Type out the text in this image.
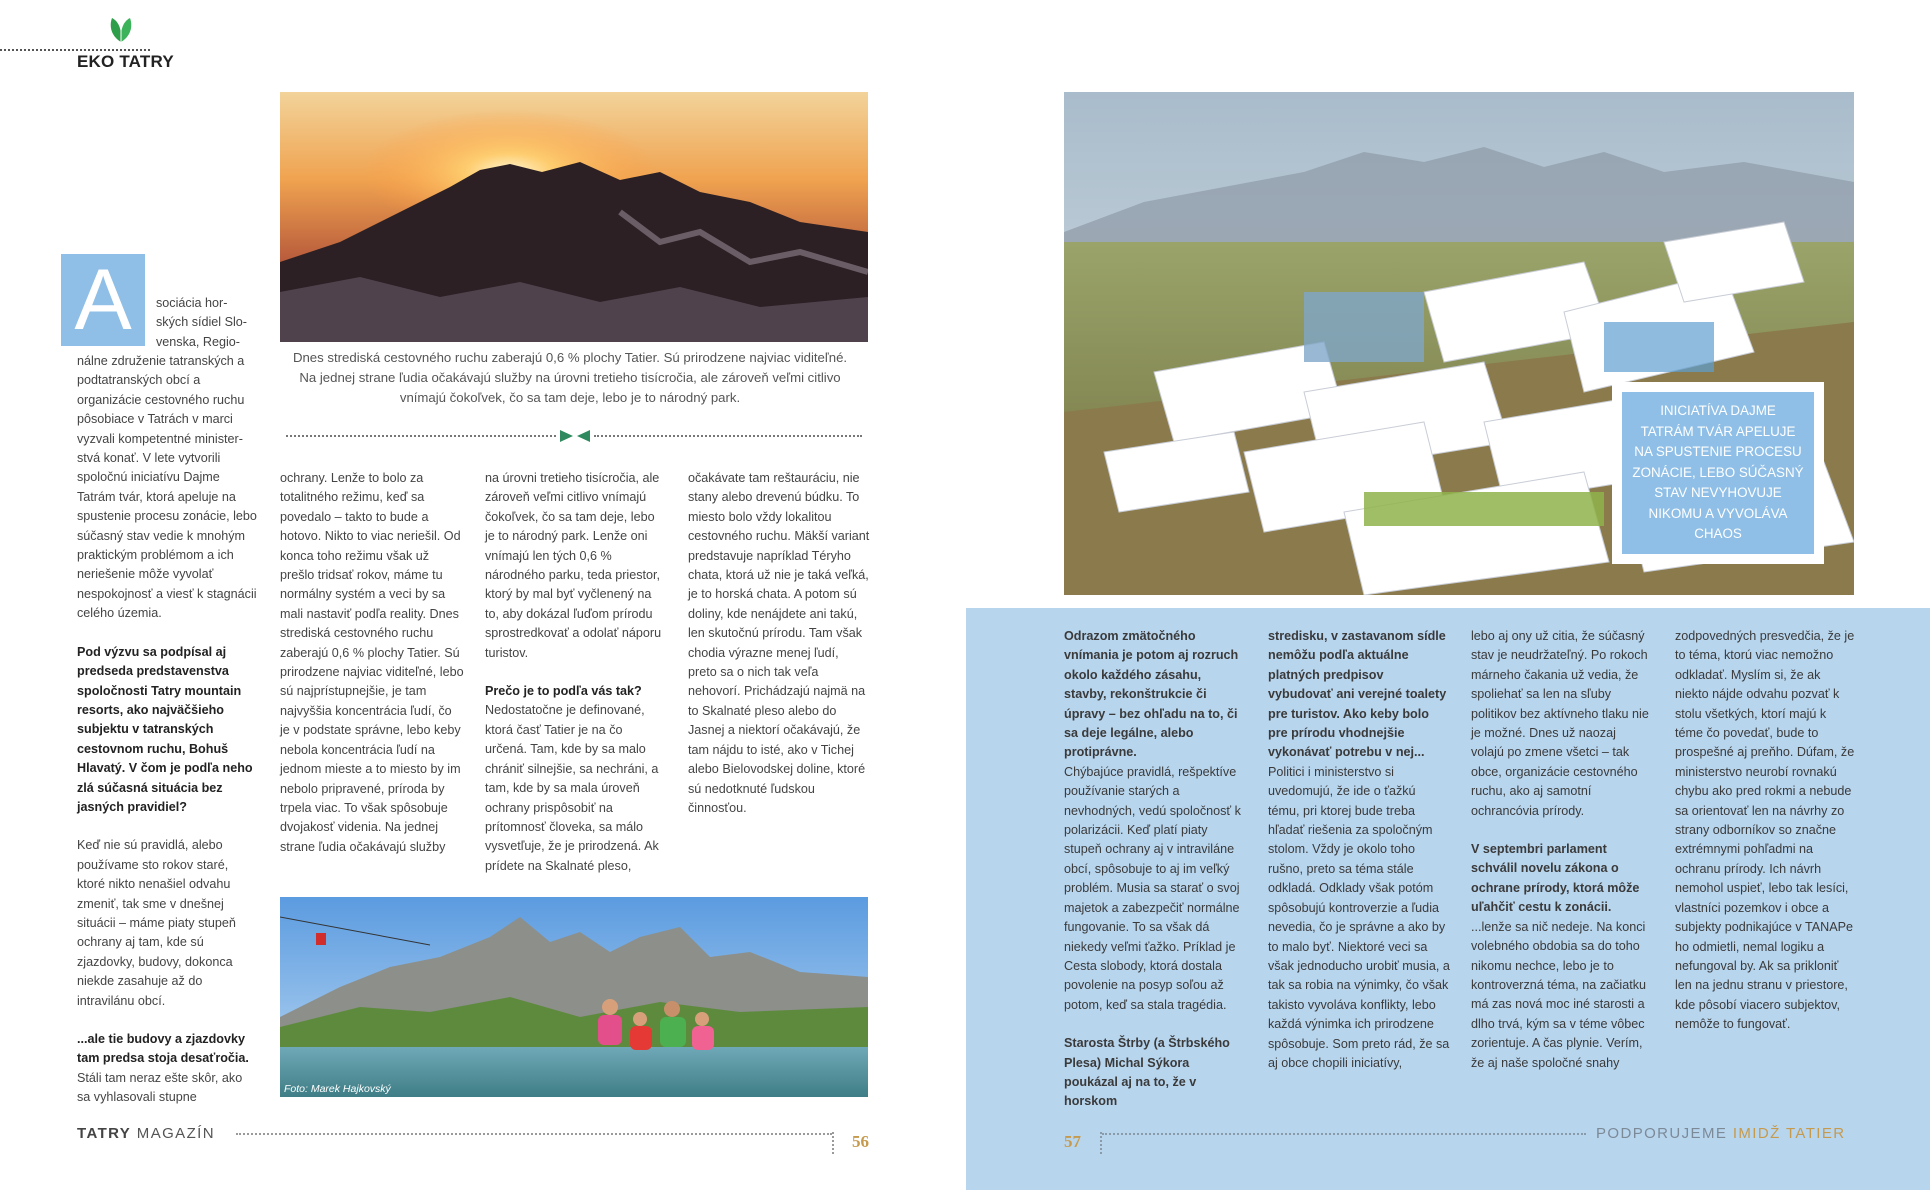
EKO TATRY
Dnes strediská cestovného ruchu zaberajú 0,6 % plochy Tatier. Sú prirodzene najviac viditeľné. Na jednej strane ľudia očakávajú služby na úrovni tretieho tisícročia, ale zároveň veľmi citlivo vnímajú čokoľvek, čo sa tam deje, lebo je to národný park.
A	sociácia hor-
ských sídiel Slo-
venska, Regio-

nálne združenie tatranských a podtatranských obcí a organizácie cestovného ruchu pôsobiace v Tatrách v marci vyzvali kompetentné ministerstvá konať. V lete vytvorili spoločnú iniciatívu Dajme Tatrám tvár, ktorá apeluje na spustenie procesu zonácie, lebo súčasný stav vedie k mnohým praktickým problémom a ich neriešenie môže vyvolať nespokojnosť a viesť k stagnácii celého územia.

Pod výzvu sa podpísal aj predseda predstavenstva spoločnosti Tatry mountain resorts, ako najväčšieho subjektu v tatranských cestovnom ruchu, Bohuš Hlavatý. V čom je podľa neho zlá súčasná situácia bez jasných pravidiel?

Keď nie sú pravidlá, alebo používame sto rokov staré, ktoré nikto nenašiel odvahu zmeniť, tak sme v dnešnej situácii – máme piaty stupeň ochrany aj tam, kde sú zjazdovky, budovy, dokonca niekde zasahuje až do intravilánu obcí.

...ale tie budovy a zjazdovky tam predsa stoja desaťročia.
Stáli tam neraz ešte skôr, ako sa vyhlasovali stupne

ochrany. Lenže to bolo za totalitného režimu, keď sa povedalo – takto to bude a hotovo. Nikto to viac neriešil. Od konca toho režimu však už prešlo tridsať rokov, máme tu normálny systém a veci by sa mali nastaviť podľa reality. Dnes strediská cestovného ruchu zaberajú 0,6 % plochy Tatier. Sú prirodzene najviac viditeľné, lebo sú najprístupnejšie, je tam najvyššia koncentrácia ľudí, čo je v podstate správne, lebo keby nebola koncentrácia ľudí na jednom mieste a to miesto by im nebolo pripravené, príroda by trpela viac. To však spôsobuje dvojakosť videnia. Na jednej strane ľudia očakávajú služby

na úrovni tretieho tisícročia, ale zároveň veľmi citlivo vnímajú čokoľvek, čo sa tam deje, lebo je to národný park. Lenže oni vnímajú len tých 0,6 % národného parku, teda priestor, ktorý by mal byť vyčlenený na to, aby dokázal ľuďom prírodu sprostredkovať a odolať náporu turistov.

Prečo je to podľa vás tak?
Nedostatočne je definované, ktorá časť Tatier je na čo určená. Tam, kde by sa malo chrániť silnejšie, sa nechráni, a tam, kde by sa mala úroveň ochrany prispôsobiť na prítomnosť človeka, sa málo vysvetľuje, že je prirodzená. Ak prídete na Skalnaté pleso,

očakávate tam reštauráciu, nie stany alebo drevenú búdku. To miesto bolo vždy lokalitou cestovného ruchu. Mäkší variant predstavuje napríklad Téryho chata, ktorá už nie je taká veľká, je to horská chata. A potom sú doliny, kde nenájdete ani takú, len skutočnú prírodu. Tam však chodia výrazne menej ľudí, preto sa o nich tak veľa nehovorí. Prichádzajú najmä na to Skalnaté pleso alebo do Jasnej a niektorí očakávajú, že tam nájdu to isté, ako v Tichej alebo Bielovodskej doline, ktoré sú nedotknuté ľudskou činnosťou.

Foto: Marek Hajkovský
INICIATÍVA DAJME TATRÁM TVÁR APELUJE NA SPUSTENIE PROCESU ZONÁCIE, LEBO SÚČASNÝ STAV NEVYHOVUJE NIKOMU A VYVOLÁVA CHAOS
Odrazom zmätočného vnímania je potom aj rozruch okolo každého zásahu, stavby, rekonštrukcie či úpravy – bez ohľadu na to, či sa deje legálne, alebo protiprávne.

Chýbajúce pravidlá, rešpektíve používanie starých a nevhodných, vedú spoločnosť k polarizácii. Keď platí piaty stupeň ochrany aj v intraviláne obcí, spôsobuje to aj im veľký problém. Musia sa starať o svoj majetok a zabezpečiť normálne fungovanie. To sa však dá niekedy veľmi ťažko. Príklad je Cesta slobody, ktorá dostala povolenie na posyp soľou až potom, keď sa stala tragédia.

Starosta Štrby (a Štrbského Plesa) Michal Sýkora poukázal aj na to, že v horskom
stredisku, v zastavanom sídle nemôžu podľa aktuálne platných predpisov vybudovať ani verejné toalety pre turistov. Ako keby bolo pre prírodu vhodnejšie vykonávať potrebu v nej...

Politici i ministerstvo si uvedomujú, že ide o ťažkú tému, pri ktorej bude treba hľadať riešenia za spoločným stolom. Vždy je okolo toho rušno, preto sa téma stále odkladá. Odklady však potóm spôsobujú kontroverzie a ľudia nevedia, čo je správne a ako by to malo byť. Niektoré veci sa však jednoducho urobiť musia, a tak sa robia na výnimky, čo však takisto vyvoláva konflikty, lebo každá výnimka ich prirodzene spôsobuje. Som preto rád, že sa aj obce chopili iniciatívy,

lebo aj ony už citia, že súčasný stav je neudržateľný. Po rokoch márneho čakania už vedia, že spoliehať sa len na sľuby politikov bez aktívneho tlaku nie je možné. Dnes už naozaj volajú po zmene všetci – tak obce, organizácie cestovného ruchu, ako aj samotní ochrancóvia prírody.

V septembri parlament schválil novelu zákona o ochrane prírody, ktorá môže uľahčiť cestu k zonácii.
...lenže sa nič nedeje. Na konci volebného obdobia sa do toho nikomu nechce, lebo je to kontroverzná téma, na začiatku má zas nová moc iné starosti a dlho trvá, kým sa v téme vôbec zorientuje. A čas plynie. Verím, že aj naše spoločné snahy

zodpovedných presvedčia, že je to téma, ktorú viac nemožno odkladať. Myslím si, že ak niekto nájde odvahu pozvať k stolu všetkých, ktorí majú k téme čo povedať, bude to prospešné aj preňho. Dúfam, že ministerstvo neurobí rovnakú chybu ako pred rokmi a nebude sa orientovať len na návrhy zo strany odborníkov so značne extrémnymi pohľadmi na ochranu prírody. Ich návrh nemohol uspieť, lebo tak lesíci, vlastníci pozemkov i obce a subjekty podnikajúce v TANAPe ho odmietli, nemal logiku a nefungoval by. Ak sa prikloniť len na jednu stranu v priestore, kde pôsobí viacero subjektov, nemôže to fungovať.

TATRY MAGAZÍN	56	57	PODPORUJEME IMIDŽ TATIER
